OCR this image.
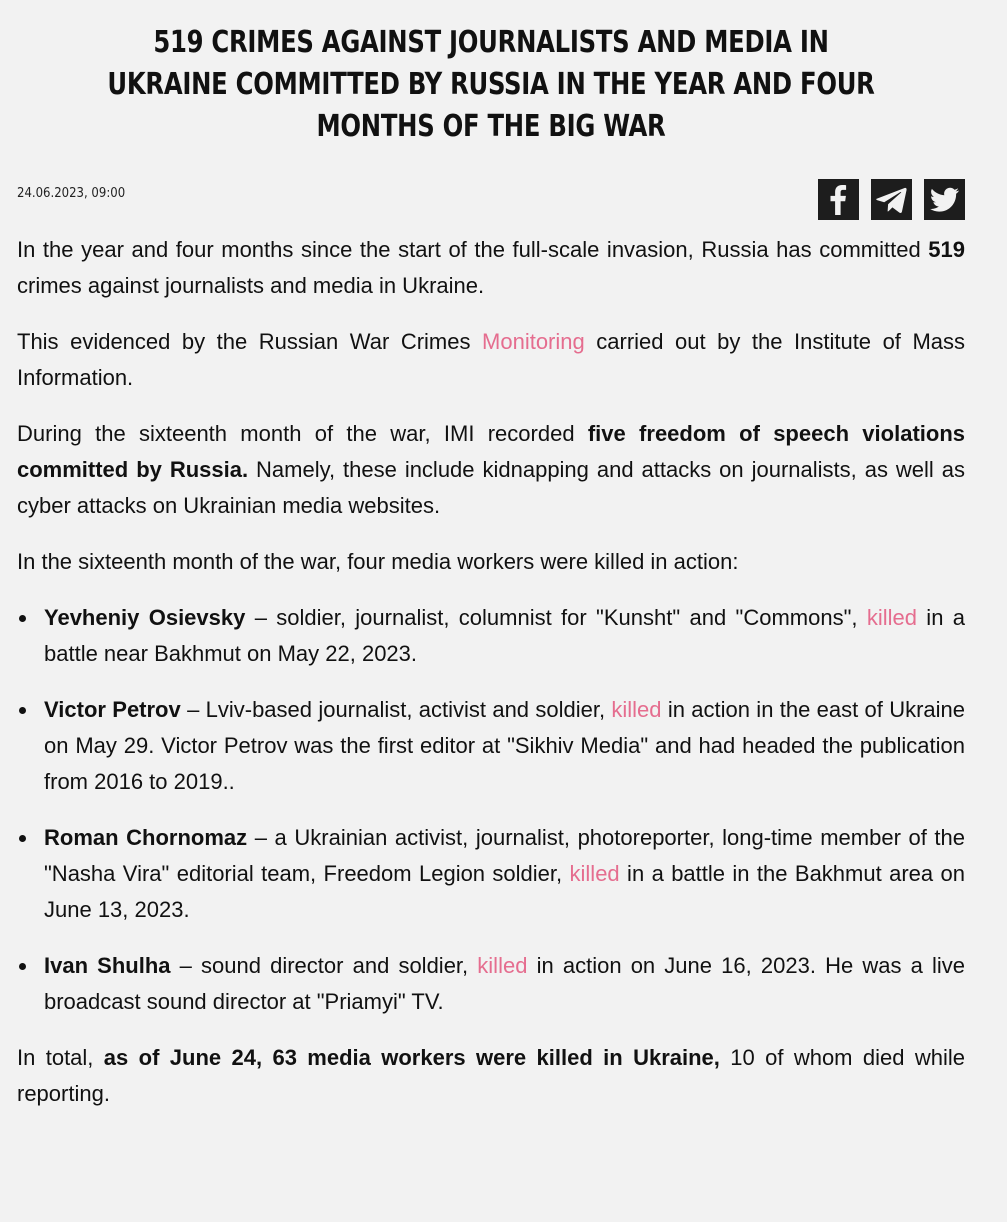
519 CRIMES AGAINST JOURNALISTS AND MEDIA IN UKRAINE COMMITTED BY RUSSIA IN THE YEAR AND FOUR MONTHS OF THE BIG WAR
24.06.2023, 09:00

In the year and four months since the start of the full-scale invasion, Russia has committed 519 crimes against journalists and media in Ukraine.

This evidenced by the Russian War Crimes Monitoring carried out by the Institute of Mass Information.

During the sixteenth month of the war, IMI recorded five freedom of speech violations committed by Russia. Namely, these include kidnapping and attacks on journalists, as well as cyber attacks on Ukrainian media websites.

In the sixteenth month of the war, four media workers were killed in action:

Yevheniy Osievsky – soldier, journalist, columnist for "Kunsht" and "Commons", killed in a battle near Bakhmut on May 22, 2023.
Victor Petrov – Lviv-based journalist, activist and soldier, killed in action in the east of Ukraine on May 29. Victor Petrov was the first editor at "Sikhiv Media" and had headed the publication from 2016 to 2019..
Roman Chornomaz – a Ukrainian activist, journalist, photoreporter, long-time member of the "Nasha Vira" editorial team, Freedom Legion soldier, killed in a battle in the Bakhmut area on June 13, 2023.
Ivan Shulha – sound director and soldier, killed in action on June 16, 2023. He was a live broadcast sound director at "Priamyi" TV.

In total, as of June 24, 63 media workers were killed in Ukraine, 10 of whom died while reporting.
